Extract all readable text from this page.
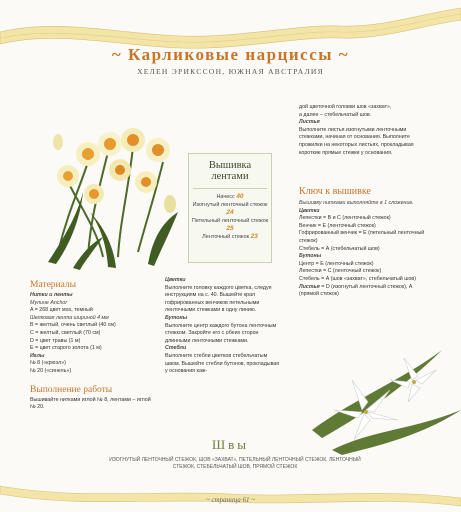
~ Карликовые нарциссы ~
ХЕЛЕН ЭРИКССОН, ЮЖНАЯ АВСТРАЛИЯ
Вышивка
лентами
Начесс 40
Изогнутый ленточный стежок 24
Петельный ленточный стежок 25
Ленточный стежок 23

дой цветочной головки шов «захват»,

а далее – стебельчатый шов.

Листья

Выполните листья изогнутыми ленточными стежками, начиная от основания. Выполните прожилки на некоторых листьях, прокладывая короткие прямые стежки у основания.

Ключ к вышивке

Вышивку нитками выполняйте в 1 сложение.

Цветки

Лепестки = В и С (ленточный стежок)

Венчик = Е (ленточный стежок)

Гофрированный венчик = Е (петельный ленточный стежок)

Стебель = А (стебельчатый шов)

Бутоны

Центр = Е (ленточный стежок)

Лепестки = С (ленточный стежок)

Стебель = А (шов «захват», стебельчатый шов)

Листья = D (изогнутый ленточный стежок), А (прямой стежок)

Материалы

Нитки и ленты

Мулине Anchor

A = 268 цвет мха, темный

Шелковая лента шириной 4 мм

В = желтый, очень светлый (40 см)

С = желтый, светлый (70 см)

D = цвет травы (1 м)

Е = цвет старого золота (1 м)

Иглы

№ 8 («крюэл»)

№ 20 («синель»)

Выполнение работы

Вышивайте нитками иглой № 8, лентами – иглой № 20.

Цветки

Выполните головку каждого цветка, следуя инструкциям на с. 40. Вышейте края гофрированных венчиков петельными ленточными стежками в одну линию.

Бутоны

Выполните центр каждого бутона ленточным стежком. Закройте его с обеих сторон длинными ленточными стежками.

Стебли

Выполните стебли цветков стебельчатым швом. Вышейте стебли бутонов, прокладывая у основания каж-

Швы
ИЗОГНУТЫЙ ЛЕНТОЧНЫЙ СТЕЖОК, ШОВ «ЗАХВАТ», ПЕТЕЛЬНЫЙ ЛЕНТОЧНЫЙ СТЕЖОК, ЛЕНТОЧНЫЙ СТЕЖОК, СТЕБЕЛЬЧАТЫЙ ШОВ, ПРЯМОЙ СТЕЖОК
~ страница 61 ~
